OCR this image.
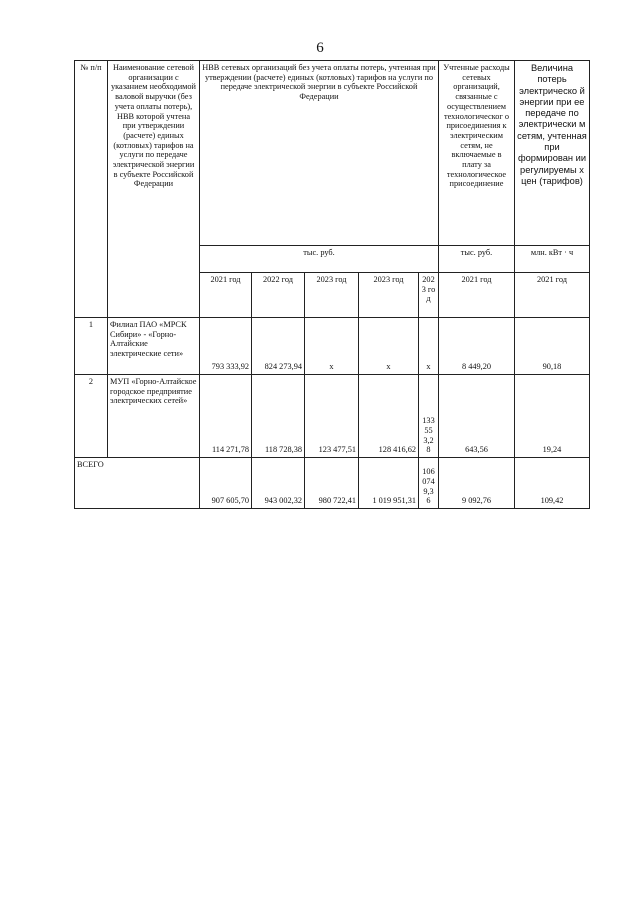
6
№ п/п	Наименование сетевой организации с указанием необходимой валовой выручки (без учета оплаты потерь), НВВ которой учтена при утверждении (расчете) единых (котловых) тарифов на услуги по передаче электрической энергии в субъекте Российской Федерации	НВВ сетевых организаций без учета оплаты потерь, учтенная при утверждении (расчете) единых (котловых) тарифов на услуги по передаче электрической энергии в субъекте Российской Федерации					Учтенные расходы сетевых организаций, связанные с осуществлением технологическог о присоединения к электрическим сетям, не включаемые в плату за технологическое присоединение	Величина потерь электрическо й энергии при ее передаче по электрически м сетям, учтенная при формирован ии регулируемы х цен (тарифов)
		тыс. руб.					тыс. руб.	млн. кВт · ч
		2021 год	2022 год	2023 год	2023 год	202 3 год	2021 год	2021 год
1	Филиал ПАО «МРСК Сибири» - «Горно-Алтайские электрические сети»	793 333,92	824 273,94	х	х	х	8 449,20	90,18
2	МУП «Горно-Алтайское городское предприятие электрических сетей»	114 271,78	118 728,38	123 477,51	128 416,62	133 55 3,2 8	643,56	19,24
ВСЕГО		907 605,70	943 002,32	980 722,41	1 019 951,31	106 074 9,3 6	9 092,76	109,42
